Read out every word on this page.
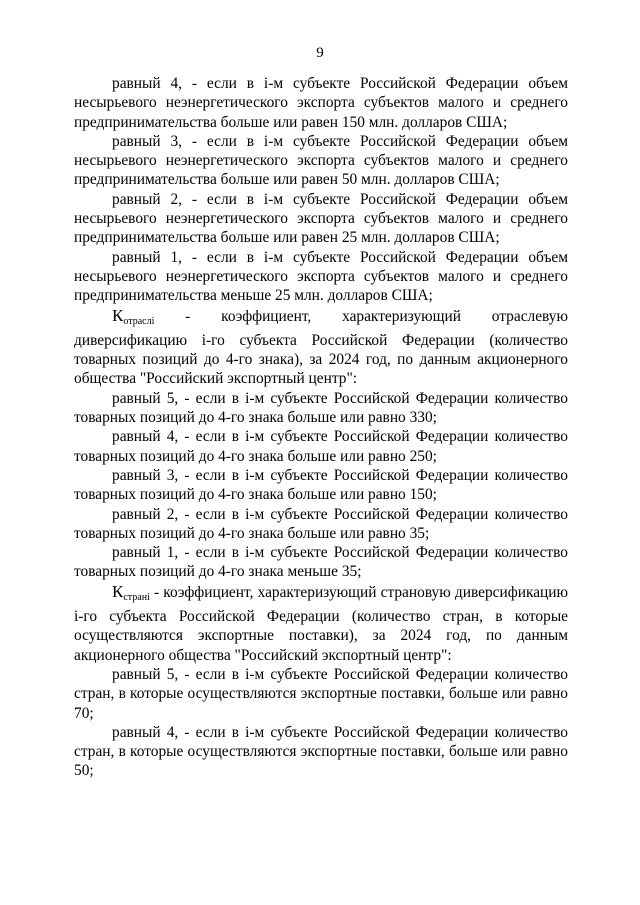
9

равный 4, - если в i-м субъекте Российской Федерации объем несырьевого неэнергетического экспорта субъектов малого и среднего предпринимательства больше или равен 150 млн. долларов США;

равный 3, - если в i-м субъекте Российской Федерации объем несырьевого неэнергетического экспорта субъектов малого и среднего предпринимательства больше или равен 50 млн. долларов США;

равный 2, - если в i-м субъекте Российской Федерации объем несырьевого неэнергетического экспорта субъектов малого и среднего предпринимательства больше или равен 25 млн. долларов США;

равный 1, - если в i-м субъекте Российской Федерации объем несырьевого неэнергетического экспорта субъектов малого и среднего предпринимательства меньше 25 млн. долларов США;

$К_{отраслі}$ - коэффициент, характеризующий отраслевую диверсификацию i-го субъекта Российской Федерации (количество товарных позиций до 4-го знака), за 2024 год, по данным акционерного общества "Российский экспортный центр":

равный 5, - если в i-м субъекте Российской Федерации количество товарных позиций до 4-го знака больше или равно 330;

равный 4, - если в i-м субъекте Российской Федерации количество товарных позиций до 4-го знака больше или равно 250;

равный 3, - если в i-м субъекте Российской Федерации количество товарных позиций до 4-го знака больше или равно 150;

равный 2, - если в i-м субъекте Российской Федерации количество товарных позиций до 4-го знака больше или равно 35;

равный 1, - если в i-м субъекте Российской Федерации количество товарных позиций до 4-го знака меньше 35;

$К_{страні}$ - коэффициент, характеризующий страновую диверсификацию i-го субъекта Российской Федерации (количество стран, в которые осуществляются экспортные поставки), за 2024 год, по данным акционерного общества "Российский экспортный центр":

равный 5, - если в i-м субъекте Российской Федерации количество стран, в которые осуществляются экспортные поставки, больше или равно 70;

равный 4, - если в i-м субъекте Российской Федерации количество стран, в которые осуществляются экспортные поставки, больше или равно 50;
